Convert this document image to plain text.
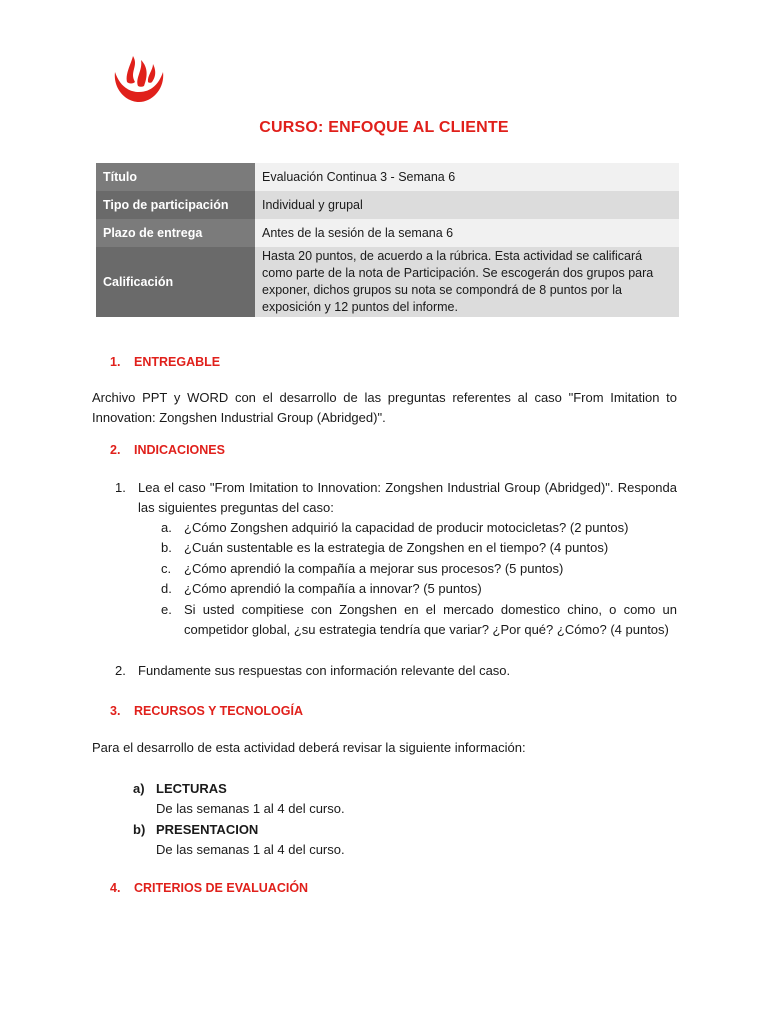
CURSO: ENFOQUE AL CLIENTE
Título	Evaluación Continua 3 - Semana 6
Tipo de participación	Individual y grupal
Plazo de entrega	Antes de la sesión de la semana 6
Calificación	Hasta 20 puntos, de acuerdo a la rúbrica. Esta actividad se calificará como parte de la nota de Participación. Se escogerán dos grupos para exponer, dichos grupos su nota se compondrá de 8 puntos por la exposición y 12 puntos del informe.
1. ENTREGABLE
Archivo PPT y WORD con el desarrollo de las preguntas referentes al caso "From Imitation to Innovation: Zongshen Industrial Group (Abridged)".
2. INDICACIONES
1. Lea el caso "From Imitation to Innovation: Zongshen Industrial Group (Abridged)". Responda las siguientes preguntas del caso:
a. ¿Cómo Zongshen adquirió la capacidad de producir motocicletas? (2 puntos)
b. ¿Cuán sustentable es la estrategia de Zongshen en el tiempo? (4 puntos)
c. ¿Cómo aprendió la compañía a mejorar sus procesos? (5 puntos)
d. ¿Cómo aprendió la compañía a innovar? (5 puntos)
e. Si usted compitiese con Zongshen en el mercado domestico chino, o como un competidor global, ¿su estrategia tendría que variar? ¿Por qué? ¿Cómo? (4 puntos)
2. Fundamente sus respuestas con información relevante del caso.
3. RECURSOS Y TECNOLOGÍA
Para el desarrollo de esta actividad deberá revisar la siguiente información:
a) LECTURAS
De las semanas 1 al 4 del curso.
b) PRESENTACION
De las semanas 1 al 4 del curso.
4. CRITERIOS DE EVALUACIÓN
